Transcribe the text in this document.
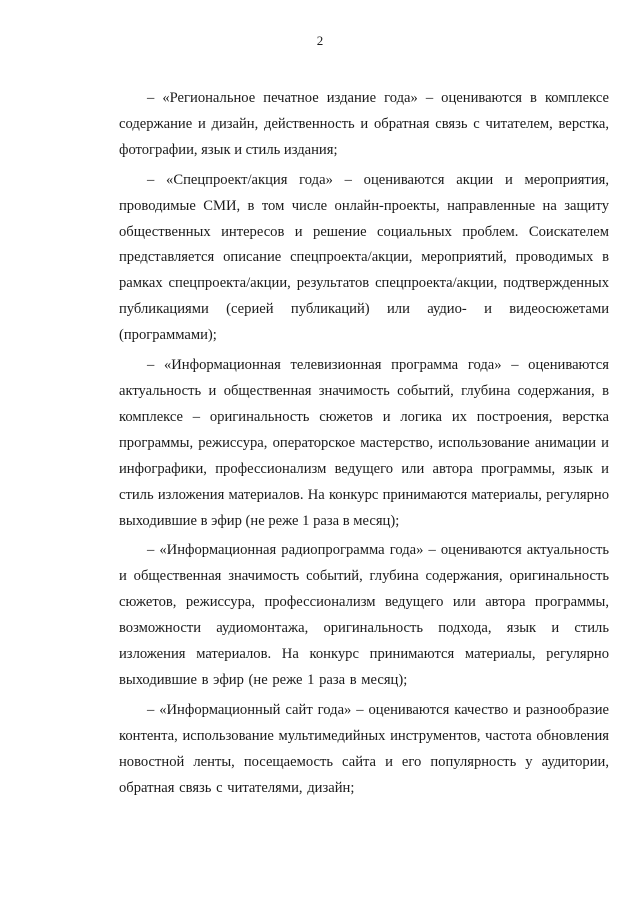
2

– «Региональное печатное издание года» – оцениваются в комплексе содержание и дизайн, действенность и обратная связь с читателем, верстка, фотографии, язык и стиль издания;

– «Спецпроект/акция года» – оцениваются акции и мероприятия, проводимые СМИ, в том числе онлайн-проекты, направленные на защиту общественных интересов и решение социальных проблем. Соискателем представляется описание спецпроекта/акции, мероприятий, проводимых в рамках спецпроекта/акции, результатов спецпроекта/акции, подтвержденных публикациями (серией публикаций) или аудио- и видеосюжетами (программами);

– «Информационная телевизионная программа года» – оцениваются актуальность и общественная значимость событий, глубина содержания, в комплексе – оригинальность сюжетов и логика их построения, верстка программы, режиссура, операторское мастерство, использование анимации и инфографики, профессионализм ведущего или автора программы, язык и стиль изложения материалов. На конкурс принимаются материалы, регулярно выходившие в эфир (не реже 1 раза в месяц);

– «Информационная радиопрограмма года» – оцениваются актуальность и общественная значимость событий, глубина содержания, оригинальность сюжетов, режиссура, профессионализм ведущего или автора программы, возможности аудиомонтажа, оригинальность подхода, язык и стиль изложения материалов. На конкурс принимаются материалы, регулярно выходившие в эфир (не реже 1 раза в месяц);

– «Информационный сайт года» – оцениваются качество и разнообразие контента, использование мультимедийных инструментов, частота обновления новостной ленты, посещаемость сайта и его популярность у аудитории, обратная связь с читателями, дизайн;
